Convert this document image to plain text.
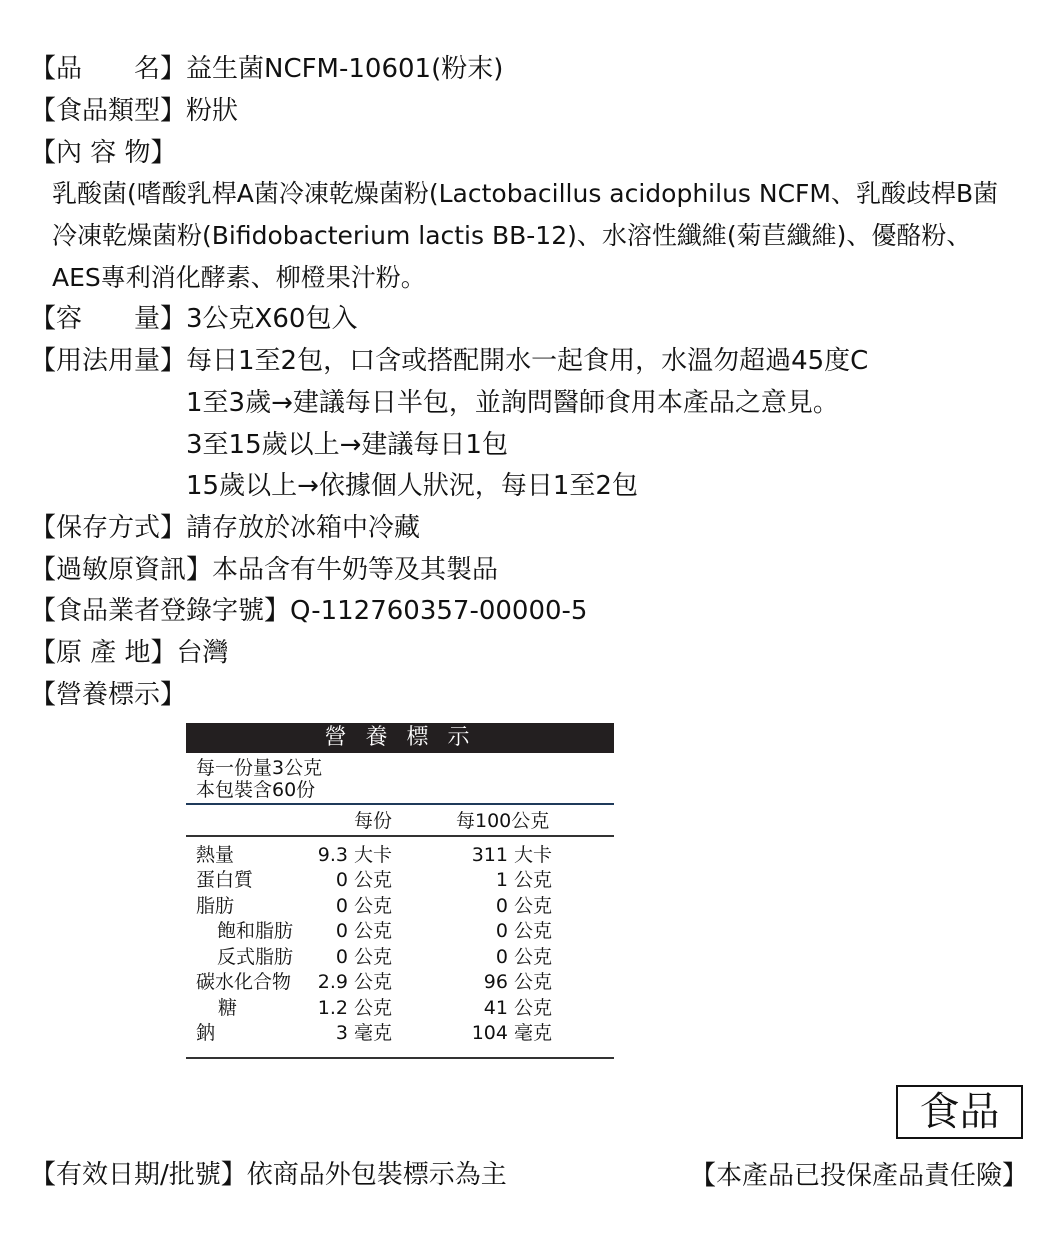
【品　　名】益生菌NCFM-10601(粉末)
【食品類型】粉狀
【內 容 物】
乳酸菌(嗜酸乳桿A菌冷凍乾燥菌粉(Lactobacillus acidophilus NCFM、乳酸歧桿B菌
冷凍乾燥菌粉(Bifidobacterium lactis BB-12)、水溶性纖維(菊苣纖維)、優酪粉、
AES專利消化酵素、柳橙果汁粉。
【容　　量】3公克X60包入
【用法用量】每日1至2包，口含或搭配開水一起食用，水溫勿超過45度C
1至3歲→建議每日半包，並詢問醫師食用本產品之意見。
3至15歲以上→建議每日1包
15歲以上→依據個人狀況，每日1至2包
【保存方式】請存放於冰箱中冷藏
【過敏原資訊】本品含有牛奶等及其製品
【食品業者登錄字號】Q-112760357-00000-5
【原 產 地】台灣
【營養標示】
營 養 標 示
每一份量3公克
本包裝含60份
每份	每100公克
熱量	9.3 大卡	311 大卡
蛋白質	0 公克	1 公克
脂肪	0 公克	0 公克
飽和脂肪 0 公克	0 公克
反式脂肪 0 公克	0 公克
碳水化合物 2.9 公克	96 公克
糖	1.2 公克	41 公克
鈉	3 毫克	104 毫克
食品
【有效日期/批號】依商品外包裝標示為主	【本產品已投保產品責任險】
